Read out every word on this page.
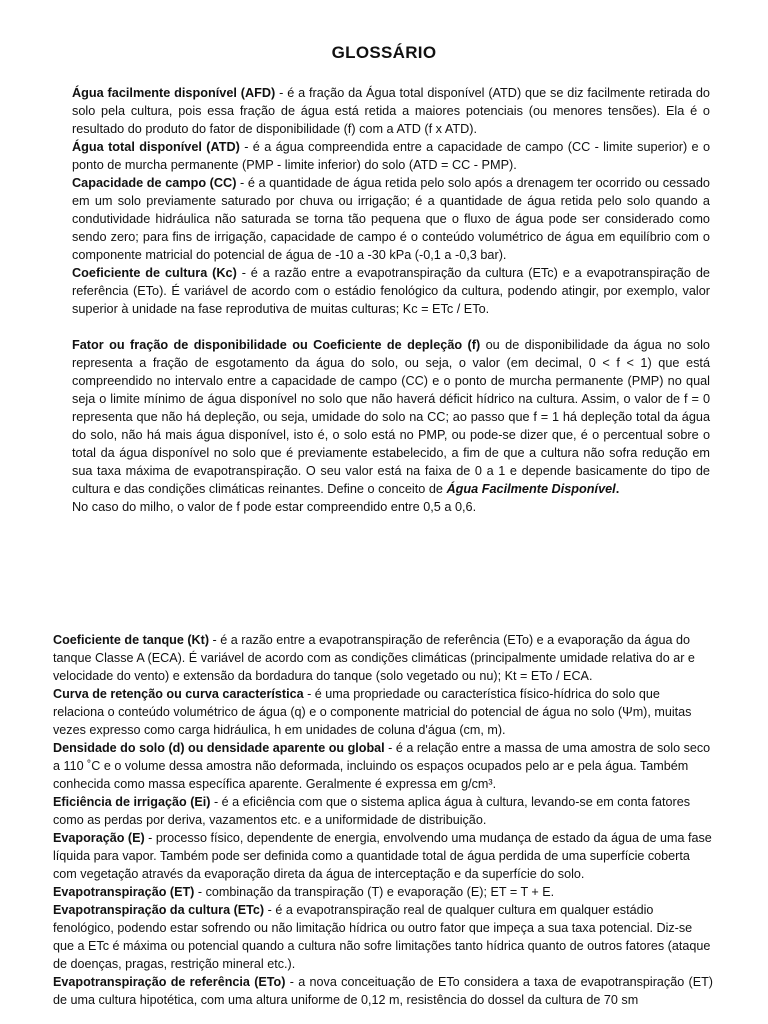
GLOSSÁRIO

Água facilmente disponível (AFD) - é a fração da Água total disponível (ATD) que se diz facilmente retirada do solo pela cultura, pois essa fração de água está retida a maiores potenciais (ou menores tensões). Ela é o resultado do produto do fator de disponibilidade (f) com a ATD (f x ATD).

Água total disponível (ATD) - é a água compreendida entre a capacidade de campo (CC - limite superior) e o ponto de murcha permanente (PMP - limite inferior) do solo (ATD = CC - PMP).

Capacidade de campo (CC) - é a quantidade de água retida pelo solo após a drenagem ter ocorrido ou cessado em um solo previamente saturado por chuva ou irrigação; é a quantidade de água retida pelo solo quando a condutividade hidráulica não saturada se torna tão pequena que o fluxo de água pode ser considerado como sendo zero; para fins de irrigação, capacidade de campo é o conteúdo volumétrico de água em equilíbrio com o componente matricial do potencial de água de -10 a -30 kPa (-0,1 a -0,3 bar).

Coeficiente de cultura (Kc) - é a razão entre a evapotranspiração da cultura (ETc) e a evapotranspiração de referência (ETo). É variável de acordo com o estádio fenológico da cultura, podendo atingir, por exemplo, valor superior à unidade na fase reprodutiva de muitas culturas; Kc = ETc / ETo.

Fator ou fração de disponibilidade ou Coeficiente de depleção (f) ou de disponibilidade da água no solo representa a fração de esgotamento da água do solo, ou seja, o valor (em decimal, 0 < f < 1) que está compreendido no intervalo entre a capacidade de campo (CC) e o ponto de murcha permanente (PMP) no qual seja o limite mínimo de água disponível no solo que não haverá déficit hídrico na cultura. Assim, o valor de f = 0 representa que não há depleção, ou seja, umidade do solo na CC; ao passo que f = 1 há depleção total da água do solo, não há mais água disponível, isto é, o solo está no PMP, ou pode-se dizer que, é o percentual sobre o total da água disponível no solo que é previamente estabelecido, a fim de que a cultura não sofra redução em sua taxa máxima de evapotranspiração. O seu valor está na faixa de 0 a 1 e depende basicamente do tipo de cultura e das condições climáticas reinantes. Define o conceito de Água Facilmente Disponível.

No caso do milho, o valor de f pode estar compreendido entre 0,5 a 0,6.

Coeficiente de tanque (Kt) - é a razão entre a evapotranspiração de referência (ETo) e a evaporação da água do tanque Classe A (ECA). É variável de acordo com as condições climáticas (principalmente umidade relativa do ar e velocidade do vento) e extensão da bordadura do tanque (solo vegetado ou nu); Kt = ETo / ECA.

Curva de retenção ou curva característica - é uma propriedade ou característica físico-hídrica do solo que relaciona o conteúdo volumétrico de água (q) e o componente matricial do potencial de água no solo (Ψm), muitas vezes expresso como carga hidráulica, h em unidades de coluna d'água (cm, m).

Densidade do solo (d) ou densidade aparente ou global - é a relação entre a massa de uma amostra de solo seco a 110 ˚C e o volume dessa amostra não deformada, incluindo os espaços ocupados pelo ar e pela água. Também conhecida como massa específica aparente. Geralmente é expressa em g/cm³.

Eficiência de irrigação (Ei) - é a eficiência com que o sistema aplica água à cultura, levando-se em conta fatores como as perdas por deriva, vazamentos etc. e a uniformidade de distribuição.

Evaporação (E) - processo físico, dependente de energia, envolvendo uma mudança de estado da água de uma fase líquida para vapor. Também pode ser definida como a quantidade total de água perdida de uma superfície coberta com vegetação através da evaporação direta da água de interceptação e da superfície do solo.

Evapotranspiração (ET) - combinação da transpiração (T) e evaporação (E); ET = T + E.

Evapotranspiração da cultura (ETc) - é a evapotranspiração real de qualquer cultura em qualquer estádio fenológico, podendo estar sofrendo ou não limitação hídrica ou outro fator que impeça a sua taxa potencial. Diz-se que a ETc é máxima ou potencial quando a cultura não sofre limitações tanto hídrica quanto de outros fatores (ataque de doenças, pragas, restrição mineral etc.).

Evapotranspiração de referência (ETo) - a nova conceituação de ETo considera a taxa de evapotranspiração (ET) de uma cultura hipotética, com uma altura uniforme de 0,12 m, resistência do dossel da cultura de 70 sm
